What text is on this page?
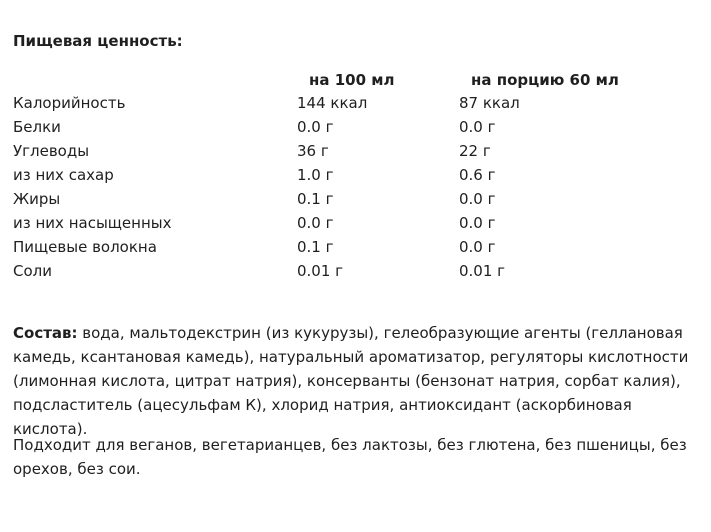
Пищевая ценность:
	на 100 мл	на порцию 60 мл
Калорийность	144 ккал	87 ккал
Белки	0.0 г	0.0 г
Углеводы	36 г	22 г
из них сахар	1.0 г	0.6 г
Жиры	0.1 г	0.0 г
из них насыщенных	0.0 г	0.0 г
Пищевые волокна	0.1 г	0.0 г
Соли	0.01 г	0.01 г

Состав: вода, мальтодекстрин (из кукурузы), гелеобразующие агенты (геллановая камедь, ксантановая камедь), натуральный ароматизатор, регуляторы кислотности (лимонная кислота, цитрат натрия), консерванты (бензонат натрия, сорбат калия), подсластитель (ацесульфам К), хлорид натрия, антиоксидант (аскорбиновая кислота).

Подходит для веганов, вегетарианцев, без лактозы, без глютена, без пшеницы, без орехов, без сои.
